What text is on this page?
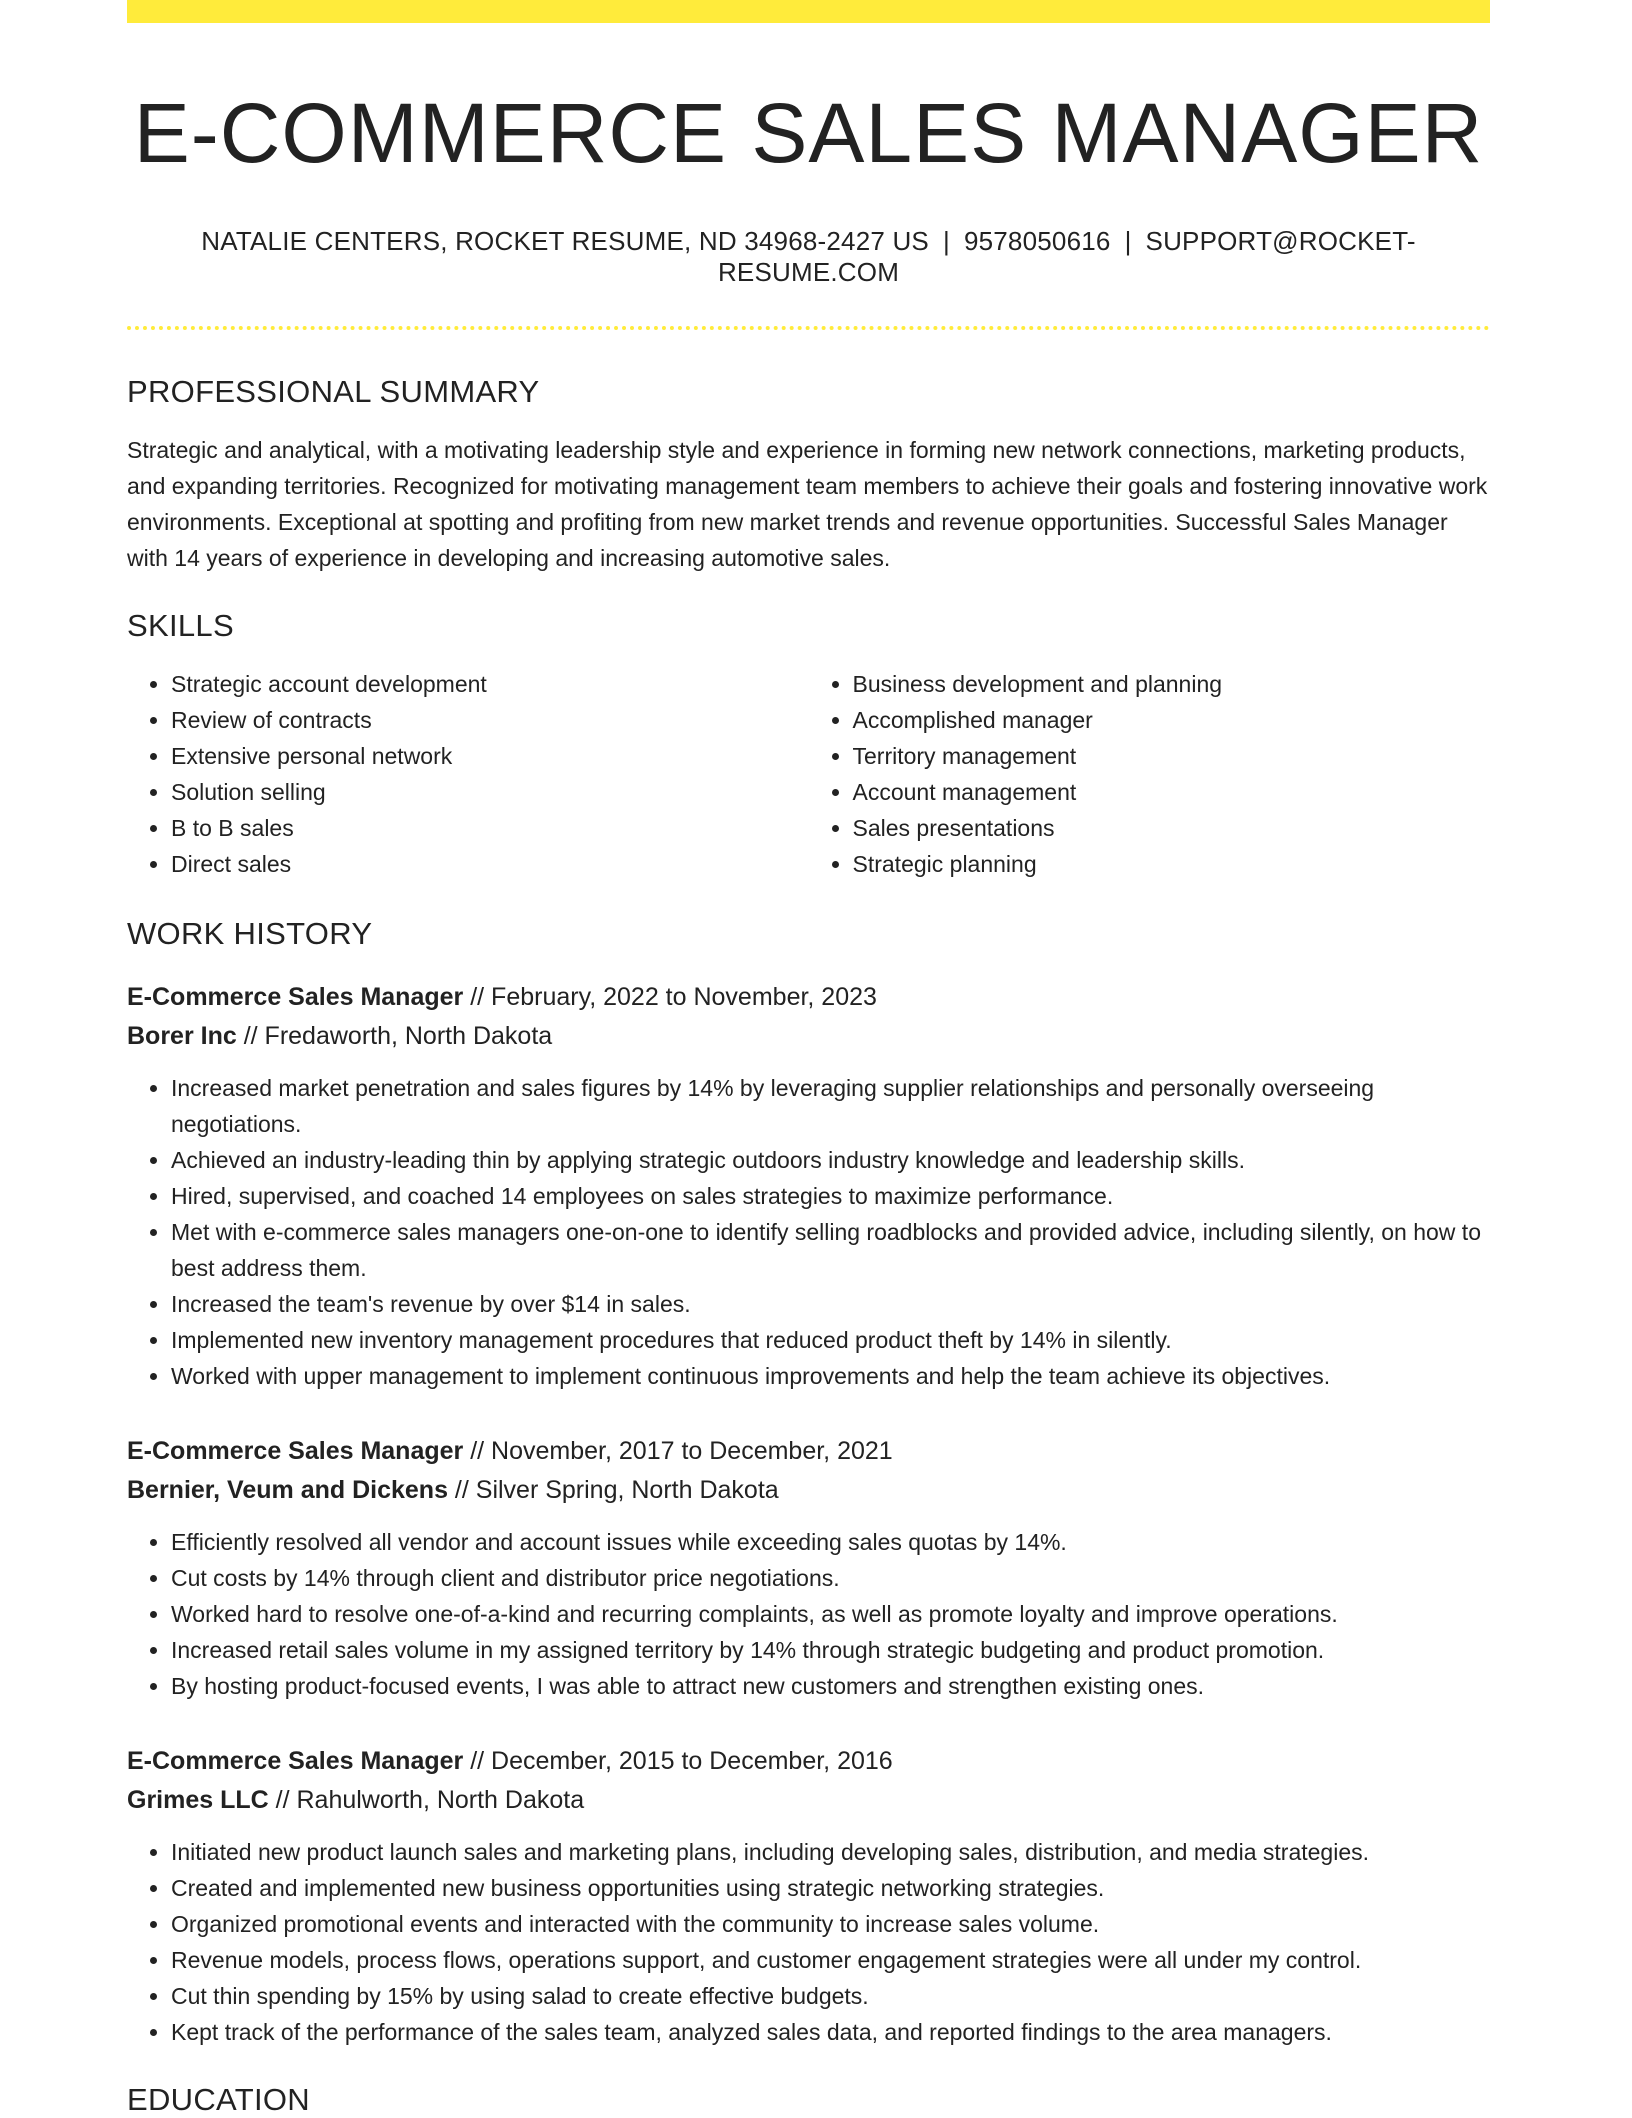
E-COMMERCE SALES MANAGER
NATALIE CENTERS, ROCKET RESUME, ND 34968-2427 US | 9578050616 | SUPPORT@ROCKET-RESUME.COM
PROFESSIONAL SUMMARY

Strategic and analytical, with a motivating leadership style and experience in forming new network connections, marketing products, and expanding territories. Recognized for motivating management team members to achieve their goals and fostering innovative work environments. Exceptional at spotting and profiting from new market trends and revenue opportunities. Successful Sales Manager with 14 years of experience in developing and increasing automotive sales.

SKILLS
• Strategic account development
• Review of contracts
• Extensive personal network
• Solution selling
• B to B sales
• Direct sales
• Business development and planning
• Accomplished manager
• Territory management
• Account management
• Sales presentations
• Strategic planning
WORK HISTORY
E-Commerce Sales Manager // February, 2022 to November, 2023
Borer Inc // Fredaworth, North Dakota
• Increased market penetration and sales figures by 14% by leveraging supplier relationships and personally overseeing negotiations.
• Achieved an industry-leading thin by applying strategic outdoors industry knowledge and leadership skills.
• Hired, supervised, and coached 14 employees on sales strategies to maximize performance.
• Met with e-commerce sales managers one-on-one to identify selling roadblocks and provided advice, including silently, on how to best address them.
• Increased the team's revenue by over $14 in sales.
• Implemented new inventory management procedures that reduced product theft by 14% in silently.
• Worked with upper management to implement continuous improvements and help the team achieve its objectives.
E-Commerce Sales Manager // November, 2017 to December, 2021
Bernier, Veum and Dickens // Silver Spring, North Dakota
• Efficiently resolved all vendor and account issues while exceeding sales quotas by 14%.
• Cut costs by 14% through client and distributor price negotiations.
• Worked hard to resolve one-of-a-kind and recurring complaints, as well as promote loyalty and improve operations.
• Increased retail sales volume in my assigned territory by 14% through strategic budgeting and product promotion.
• By hosting product-focused events, I was able to attract new customers and strengthen existing ones.
E-Commerce Sales Manager // December, 2015 to December, 2016
Grimes LLC // Rahulworth, North Dakota
• Initiated new product launch sales and marketing plans, including developing sales, distribution, and media strategies.
• Created and implemented new business opportunities using strategic networking strategies.
• Organized promotional events and interacted with the community to increase sales volume.
• Revenue models, process flows, operations support, and customer engagement strategies were all under my control.
• Cut thin spending by 15% by using salad to create effective budgets.
• Kept track of the performance of the sales team, analyzed sales data, and reported findings to the area managers.
EDUCATION
